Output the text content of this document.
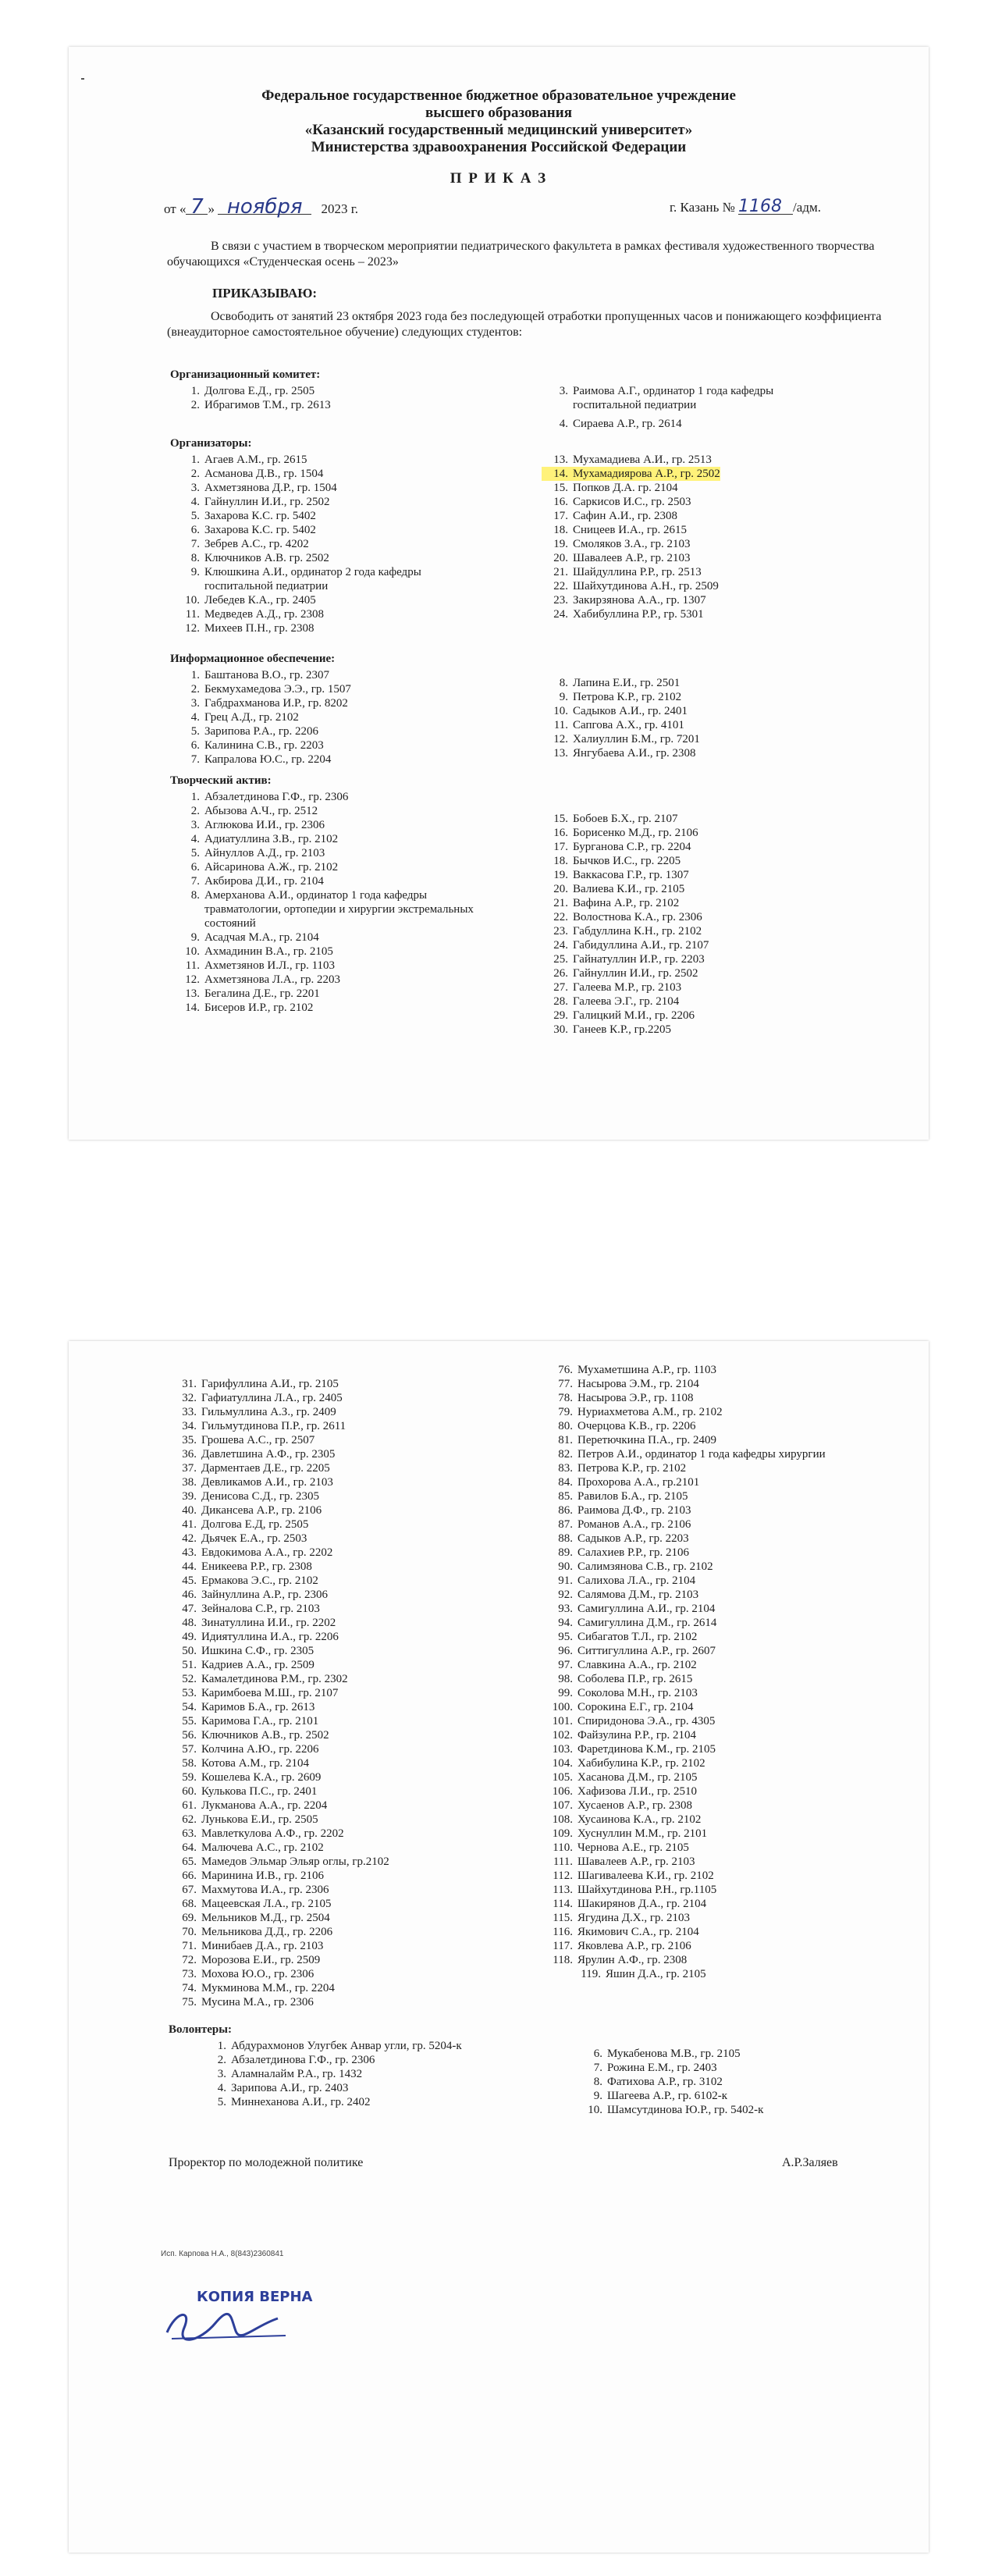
Федеральное государственное бюджетное образовательное учреждение
высшего образования
«Казанский государственный медицинский университет»
Министерства здравоохранения Российской Федерации
П Р И К А З
от « 7 » ноября 2023 г.	г. Казань № 1168 /адм.
В связи с участием в творческом мероприятии педиатрического факультета в рамках фестиваля художественного творчества обучающихся «Студенческая осень – 2023»
ПРИКАЗЫВАЮ:
Освободить от занятий 23 октября 2023 года без последующей отработки пропущенных часов и понижающего коэффициента (внеаудиторное самостоятельное обучение) следующих студентов:
Организационный комитет:
1. Долгова Е.Д., гр. 2505
2. Ибрагимов Т.М., гр. 2613
3. Раимова А.Г., ординатор 1 года кафедры госпитальной педиатрии
4. Сираева А.Р., гр. 2614
Организаторы:
1. Агаев А.М., гр. 2615
2. Асманова Д.В., гр. 1504
3. Ахметзянова Д.Р., гр. 1504
4. Гайнуллин И.И., гр. 2502
5. Захарова К.С. гр. 5402
6. Захарова К.С. гр. 5402
7. Зебрев А.С., гр. 4202
8. Ключников А.В. гр. 2502
9. Клюшкина А.И., ординатор 2 года кафедры госпитальной педиатрии
10. Лебедев К.А., гр. 2405
11. Медведев А.Д., гр. 2308
12. Михеев П.Н., гр. 2308
13. Мухамадиева А.И., гр. 2513
14. Мухамадиярова А.Р., гр. 2502
15. Попков Д.А. гр. 2104
16. Саркисов И.С., гр. 2503
17. Сафин А.И., гр. 2308
18. Сницеев И.А., гр. 2615
19. Смоляков З.А., гр. 2103
20. Шавалеев А.Р., гр. 2103
21. Шайдуллина Р.Р., гр. 2513
22. Шайхутдинова А.Н., гр. 2509
23. Закирзянова А.А., гр. 1307
24. Хабибуллина Р.Р., гр. 5301
Информационное обеспечение:
1. Баштанова В.О., гр. 2307
2. Бекмухамедова Э.Э., гр. 1507
3. Габдрахманова И.Р., гр. 8202
4. Грец А.Д., гр. 2102
5. Зарипова Р.А., гр. 2206
6. Калинина С.В., гр. 2203
7. Капралова Ю.С., гр. 2204
8. Лапина Е.И., гр. 2501
9. Петрова К.Р., гр. 2102
10. Садыков А.И., гр. 2401
11. Сапгова А.Х., гр. 4101
12. Халиуллин Б.М., гр. 7201
13. Янгубаева А.И., гр. 2308
Творческий актив:
1. Абзалетдинова Г.Ф., гр. 2306
2. Абызова А.Ч., гр. 2512
3. Аглюкова И.И., гр. 2306
4. Адиатуллина З.В., гр. 2102
5. Айнуллов А.Д., гр. 2103
6. Айсаринова А.Ж., гр. 2102
7. Акбирова Д.И., гр. 2104
8. Амерханова А.И., ординатор 1 года кафедры травматологии, ортопедии и хирургии экстремальных состояний
9. Асадчая М.А., гр. 2104
10. Ахмадинин В.А., гр. 2105
11. Ахметзянов И.Л., гр. 1103
12. Ахметзянова Л.А., гр. 2203
13. Бегалина Д.Е., гр. 2201
14. Бисеров И.Р., гр. 2102
15. Бобоев Б.Х., гр. 2107
16. Борисенко М.Д., гр. 2106
17. Бурганова С.Р., гр. 2204
18. Бычков И.С., гр. 2205
19. Ваккасова Г.Р., гр. 1307
20. Валиева К.И., гр. 2105
21. Вафина А.Р., гр. 2102
22. Волостнова К.А., гр. 2306
23. Габдуллина К.Н., гр. 2102
24. Габидуллина А.И., гр. 2107
25. Гайнатуллин И.Р., гр. 2203
26. Гайнуллин И.И., гр. 2502
27. Галеева М.Р., гр. 2103
28. Галеева Э.Г., гр. 2104
29. Галицкий М.И., гр. 2206
30. Ганеев К.Р., гр.2205
31. Гарифуллина А.И., гр. 2105
32. Гафиатуллина Л.А., гр. 2405
33. Гильмуллина А.З., гр. 2409
34. Гильмутдинова П.Р., гр. 2611
35. Грошева А.С., гр. 2507
36. Давлетшина А.Ф., гр. 2305
37. Дарментаев Д.Е., гр. 2205
38. Девликамов А.И., гр. 2103
39. Денисова С.Д., гр. 2305
40. Диканcева А.Р., гр. 2106
41. Долгова Е.Д, гр. 2505
42. Дьячек Е.А., гр. 2503
43. Евдокимова А.А., гр. 2202
44. Еникеева Р.Р., гр. 2308
45. Ермакова Э.С., гр. 2102
46. Зайнуллина А.Р., гр. 2306
47. Зейналова С.Р., гр. 2103
48. Зинатуллина И.И., гр. 2202
49. Идиятуллина И.А., гр. 2206
50. Ишкина С.Ф., гр. 2305
51. Кадриев А.А., гр. 2509
52. Камалетдинова Р.М., гр. 2302
53. Каримбоева М.Ш., гр. 2107
54. Каримов Б.А., гр. 2613
55. Каримова Г.А., гр. 2101
56. Ключников А.В., гр. 2502
57. Колчина А.Ю., гр. 2206
58. Котова А.М., гр. 2104
59. Кошелева К.А., гр. 2609
60. Кулькова П.С., гр. 2401
61. Лукманова А.А., гр. 2204
62. Лунькова Е.И., гр. 2505
63. Мавлеткулова А.Ф., гр. 2202
64. Малючева А.С., гр. 2102
65. Мамедов Эльмар Эльяр оглы, гр.2102
66. Маринина И.В., гр. 2106
67. Махмутова И.А., гр. 2306
68. Мацеевская Л.А., гр. 2105
69. Мельников М.Д., гр. 2504
70. Мельникова Д.Д., гр. 2206
71. Минибаев Д.А., гр. 2103
72. Морозова Е.И., гр. 2509
73. Мохова Ю.О., гр. 2306
74. Мукминова М.М., гр. 2204
75. Мусина М.А., гр. 2306
76. Мухаметшина А.Р., гр. 1103
77. Насырова Э.М., гр. 2104
78. Насырова Э.Р., гр. 1108
79. Нуриахметова А.М., гр. 2102
80. Очерцова К.В., гр. 2206
81. Перетючкина П.А., гр. 2409
82. Петров А.И., ординатор 1 года кафедры хирургии
83. Петрова К.Р., гр. 2102
84. Прохорова А.А., гр.2101
85. Равилов Б.А., гр. 2105
86. Раимова Д.Ф., гр. 2103
87. Романов А.А., гр. 2106
88. Садыков А.Р., гр. 2203
89. Салахиев Р.Р., гр. 2106
90. Салимзянова С.В., гр. 2102
91. Салихова Л.А., гр. 2104
92. Салямова Д.М., гр. 2103
93. Самигуллина А.И., гр. 2104
94. Самигуллина Д.М., гр. 2614
95. Сибагатов Т.Л., гр. 2102
96. Ситтигуллина А.Р., гр. 2607
97. Славкина А.А., гр. 2102
98. Соболева П.Р., гр. 2615
99. Соколова М.Н., гр. 2103
100. Сорокина Е.Г., гр. 2104
101. Спиридонова Э.А., гр. 4305
102. Файзулина Р.Р., гр. 2104
103. Фаретдинова К.М., гр. 2105
104. Хабибулина К.Р., гр. 2102
105. Хасанова Д.М., гр. 2105
106. Хафизова Л.И., гр. 2510
107. Хусаенов А.Р., гр. 2308
108. Хусаинова К.А., гр. 2102
109. Хуснуллин М.М., гр. 2101
110. Чернова А.Е., гр. 2105
111. Шавалеев А.Р., гр. 2103
112. Шагивалеева К.И., гр. 2102
113. Шайхутдинова Р.Н., гр.1105
114. Шакирянов Д.А., гр. 2104
115. Ягудина Д.Х., гр. 2103
116. Якимович С.А., гр. 2104
117. Яковлева А.Р., гр. 2106
118. Ярулин А.Ф., гр. 2308
119. Яшин Д.А., гр. 2105
Волонтеры:
1. Абдурахмонов Улугбек Анвар угли, гр. 5204-к
2. Абзалетдинова Г.Ф., гр. 2306
3. Аламналайм Р.А., гр. 1432
4. Зарипова А.И., гр. 2403
5. Миннеханова А.И., гр. 2402
6. Мукабенова М.В., гр. 2105
7. Рожина Е.М., гр. 2403
8. Фатихова А.Р., гр. 3102
9. Шагеева А.Р., гр. 6102-к
10. Шамсутдинова Ю.Р., гр. 5402-к
Проректор по молодежной политике	А.Р.Заляев
Исп. Карпова Н.А., 8(843)2360841
КОПИЯ ВЕРНА
